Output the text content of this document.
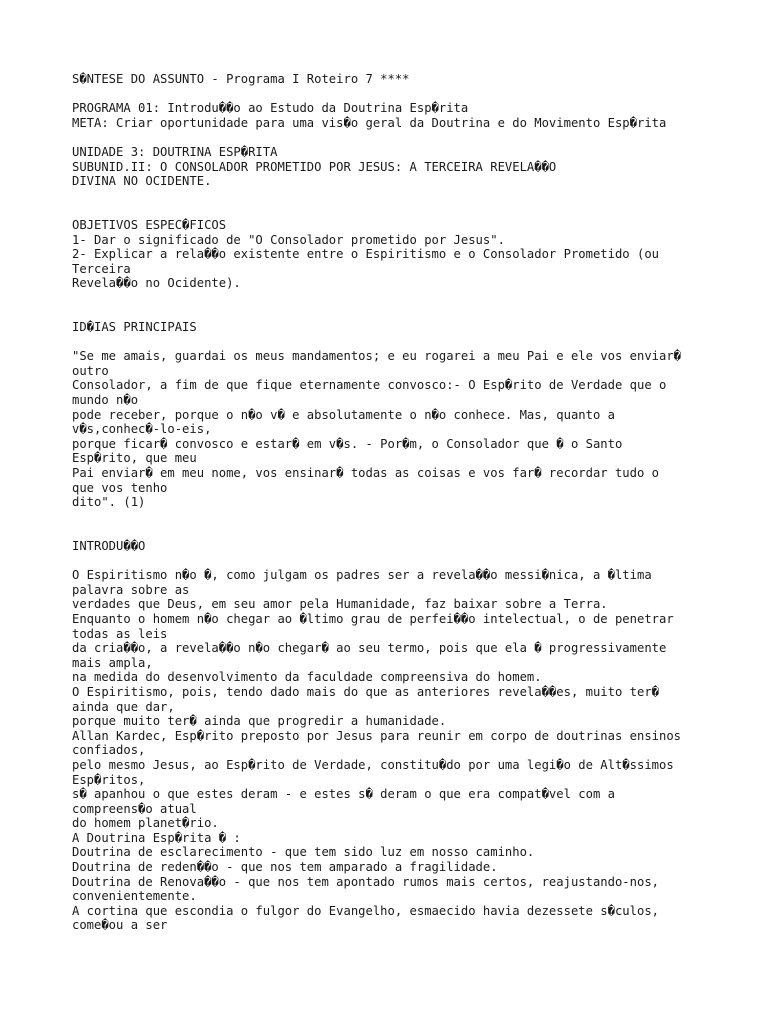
S�NTESE DO ASSUNTO - Programa I Roteiro 7 ****
PROGRAMA 01: Introdu��o ao Estudo da Doutrina Esp�rita
META: Criar oportunidade para uma vis�o geral da Doutrina e do Movimento Esp�rita
UNIDADE 3: DOUTRINA ESP�RITA
SUBUNID.II: O CONSOLADOR PROMETIDO POR JESUS: A TERCEIRA REVELA��O
DIVINA NO OCIDENTE.
OBJETIVOS ESPEC�FICOS
1- Dar o significado de "O Consolador prometido por Jesus".
2- Explicar a rela��o existente entre o Espiritismo e o Consolador Prometido (ou
Terceira
Revela��o no Ocidente).
ID�IAS PRINCIPAIS
"Se me amais, guardai os meus mandamentos; e eu rogarei a meu Pai e ele vos enviar�
outro
Consolador, a fim de que fique eternamente convosco:- O Esp�rito de Verdade que o
mundo n�o
pode receber, porque o n�o v� e absolutamente o n�o conhece. Mas, quanto a
v�s,conhec�-lo-eis,
porque ficar� convosco e estar� em v�s. - Por�m, o Consolador que � o Santo
Esp�rito, que meu
Pai enviar� em meu nome, vos ensinar� todas as coisas e vos far� recordar tudo o
que vos tenho
dito". (1)
INTRODU��O
O Espiritismo n�o �, como julgam os padres ser a revela��o messi�nica, a �ltima
palavra sobre as
verdades que Deus, em seu amor pela Humanidade, faz baixar sobre a Terra.
Enquanto o homem n�o chegar ao �ltimo grau de perfei��o intelectual, o de penetrar
todas as leis
da cria��o, a revela��o n�o chegar� ao seu termo, pois que ela � progressivamente
mais ampla,
na medida do desenvolvimento da faculdade compreensiva do homem.
O Espiritismo, pois, tendo dado mais do que as anteriores revela��es, muito ter�
ainda que dar,
porque muito ter� ainda que progredir a humanidade.
Allan Kardec, Esp�rito preposto por Jesus para reunir em corpo de doutrinas ensinos
confiados,
pelo mesmo Jesus, ao Esp�rito de Verdade, constitu�do por uma legi�o de Alt�ssimos
Esp�ritos,
s� apanhou o que estes deram - e estes s� deram o que era compat�vel com a
compreens�o atual
do homem planet�rio.
A Doutrina Esp�rita � :
Doutrina de esclarecimento - que tem sido luz em nosso caminho.
Doutrina de reden��o - que nos tem amparado a fragilidade.
Doutrina de Renova��o - que nos tem apontado rumos mais certos, reajustando-nos,
convenientemente.
A cortina que escondia o fulgor do Evangelho, esmaecido havia dezessete s�culos,
come�ou a ser
